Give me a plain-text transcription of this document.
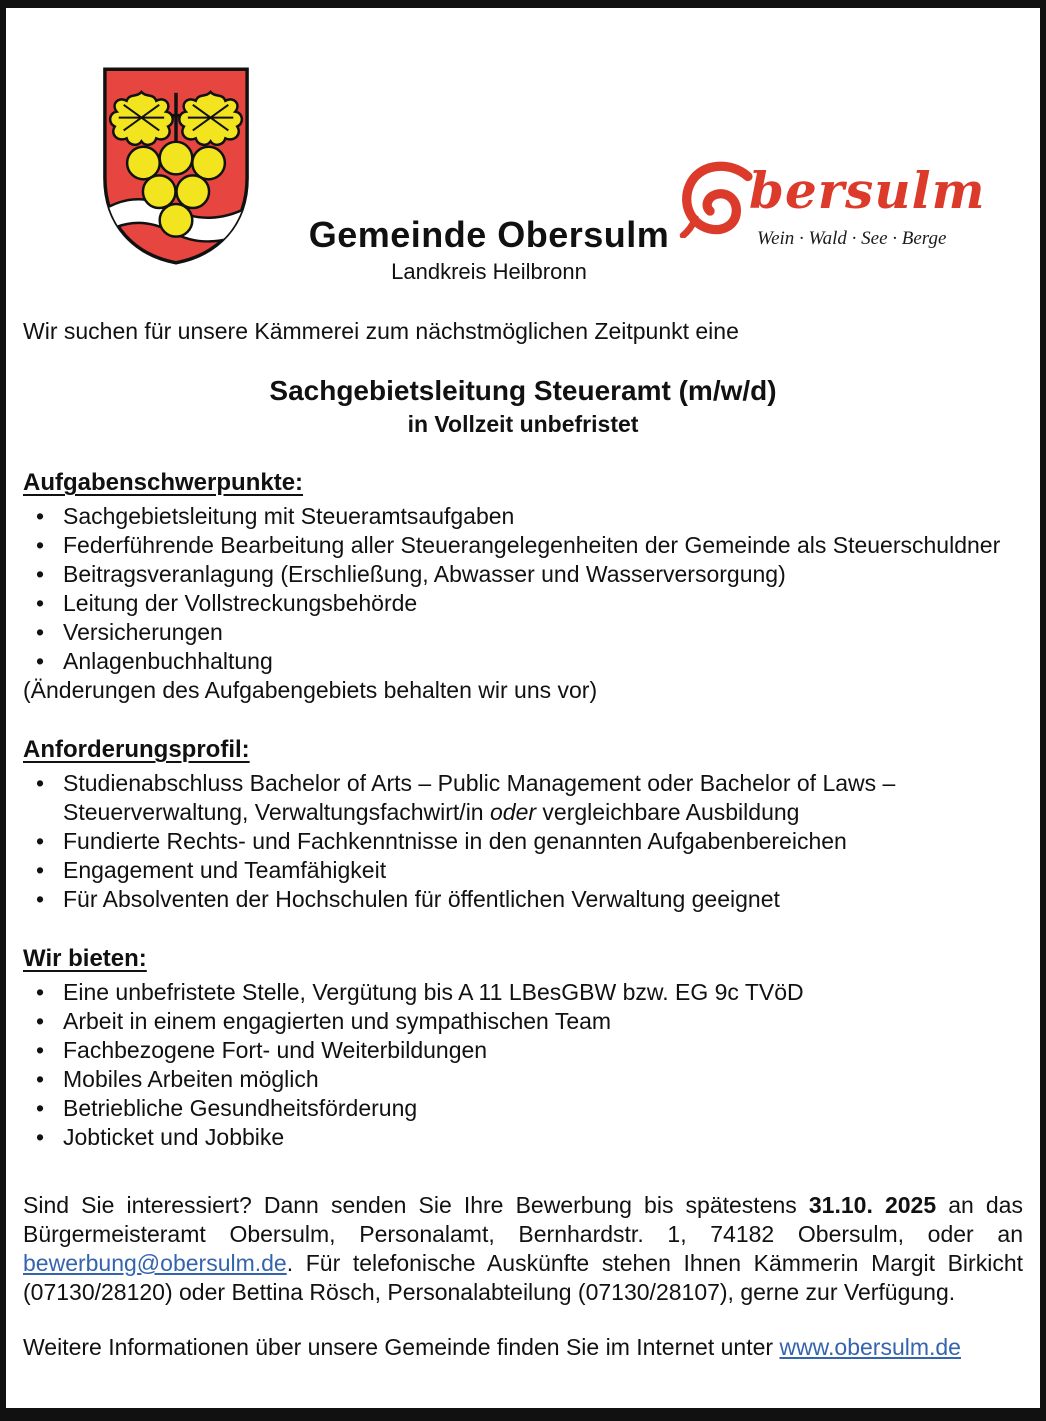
Gemeinde Obersulm
Landkreis Heilbronn
bersulm
Wein · Wald · See · Berge

Wir suchen für unsere Kämmerei zum nächstmöglichen Zeitpunkt eine

Sachgebietsleitung Steueramt (m/w/d)
in Vollzeit unbefristet
Aufgabenschwerpunkte:
• Sachgebietsleitung mit Steueramtsaufgaben
• Federführende Bearbeitung aller Steuerangelegenheiten der Gemeinde als Steuerschuldner
• Beitragsveranlagung (Erschließung, Abwasser und Wasserversorgung)
• Leitung der Vollstreckungsbehörde
• Versicherungen
• Anlagenbuchhaltung

(Änderungen des Aufgabengebiets behalten wir uns vor)

Anforderungsprofil:
• Studienabschluss Bachelor of Arts – Public Management oder Bachelor of Laws – Steuerverwaltung, Verwaltungsfachwirt/in oder vergleichbare Ausbildung
• Fundierte Rechts- und Fachkenntnisse in den genannten Aufgabenbereichen
• Engagement und Teamfähigkeit
• Für Absolventen der Hochschulen für öffentlichen Verwaltung geeignet
Wir bieten:
• Eine unbefristete Stelle, Vergütung bis A 11 LBesGBW bzw. EG 9c TVöD
• Arbeit in einem engagierten und sympathischen Team
• Fachbezogene Fort- und Weiterbildungen
• Mobiles Arbeiten möglich
• Betriebliche Gesundheitsförderung
• Jobticket und Jobbike

Sind Sie interessiert? Dann senden Sie Ihre Bewerbung bis spätestens 31.10. 2025 an das Bürgermeisteramt Obersulm, Personalamt, Bernhardstr. 1, 74182 Obersulm, oder an bewerbung@obersulm.de. Für telefonische Auskünfte stehen Ihnen Kämmerin Margit Birkicht (07130/28120) oder Bettina Rösch, Personalabteilung (07130/28107), gerne zur Verfügung.

Weitere Informationen über unsere Gemeinde finden Sie im Internet unter www.obersulm.de
